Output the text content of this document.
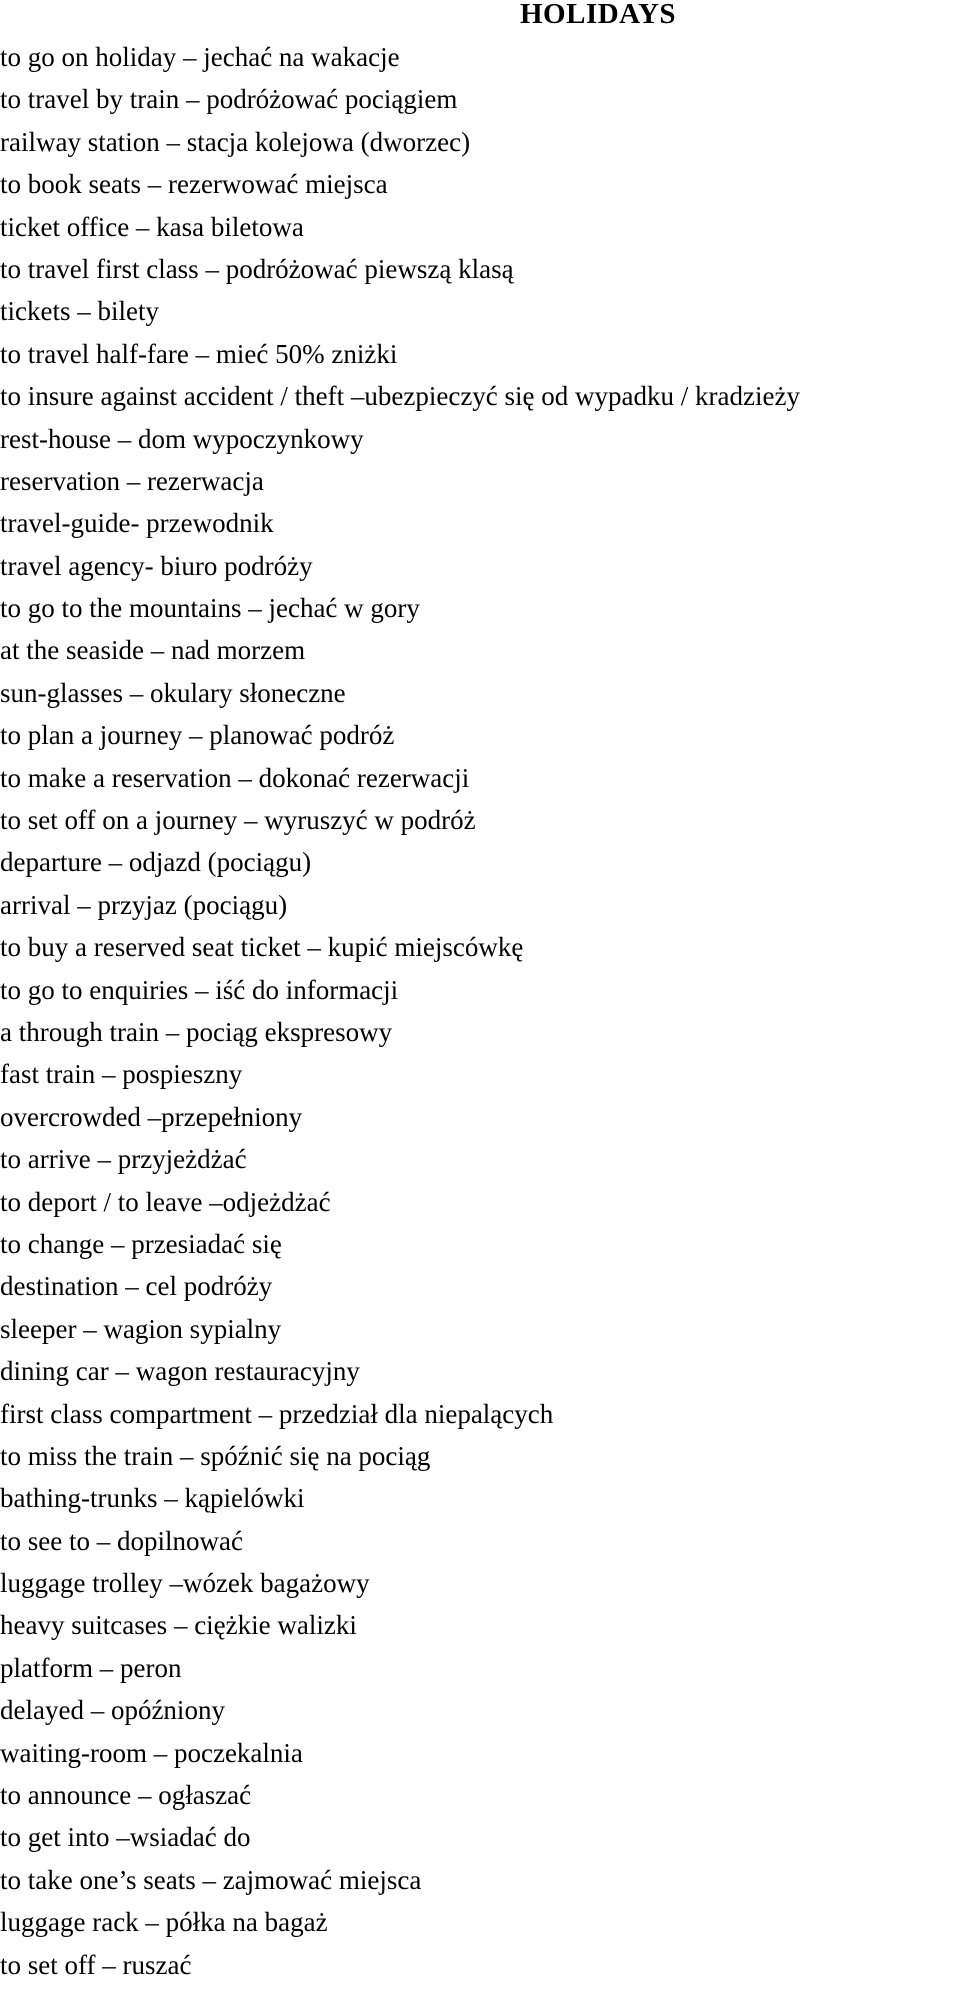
HOLIDAYS
to go on holiday – jechać na wakacje
to travel by train – podróżować pociągiem
railway station – stacja kolejowa (dworzec)
to book seats – rezerwować miejsca
ticket office – kasa biletowa
to travel first class – podróżować piewszą klasą
tickets – bilety
to travel half-fare – mieć 50% zniżki
to insure against accident / theft –ubezpieczyć się od wypadku / kradzieży
rest-house – dom wypoczynkowy
reservation – rezerwacja
travel-guide- przewodnik
travel agency- biuro podróży
to go to the mountains – jechać w gory
at the seaside – nad morzem
sun-glasses – okulary słoneczne
to plan a journey – planować podróż
to make a reservation – dokonać rezerwacji
to set off on a journey – wyruszyć w podróż
departure – odjazd (pociągu)
arrival – przyjaz (pociągu)
to buy a reserved seat ticket – kupić miejscówkę
to go to enquiries – iść do informacji
a through train – pociąg ekspresowy
fast train – pospieszny
overcrowded –przepełniony
to arrive – przyjeżdżać
to deport / to leave –odjeżdżać
to change – przesiadać się
destination – cel podróży
sleeper – wagion sypialny
dining car – wagon restauracyjny
first class compartment – przedział dla niepalących
to miss the train – spóźnić się na pociąg
bathing-trunks – kąpielówki
to see to – dopilnować
luggage trolley –wózek bagażowy
heavy suitcases – ciężkie walizki
platform – peron
delayed – opóźniony
waiting-room – poczekalnia
to announce – ogłaszać
to get into –wsiadać do
to take one’s seats – zajmować miejsca
luggage rack – półka na bagaż
to set off – ruszać
